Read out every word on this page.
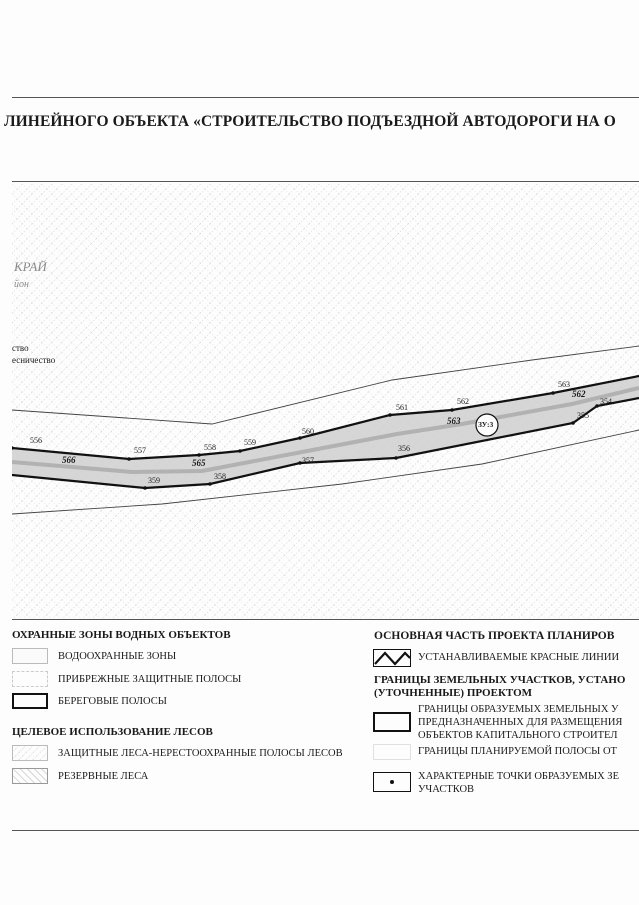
ЛИНЕЙНОГО ОБЪЕКТА «СТРОИТЕЛЬСТВО ПОДЪЕЗДНОЙ АВТОДОРОГИ НА О
КРАЙ
йон
ство
есничество
ЗУ:3
556
557	558
559
560
561
562
563
359	358
357
356
355
354
566	565
563
562
ОХРАННЫЕ ЗОНЫ ВОДНЫХ ОБЪЕКТОВ
ВОДООХРАННЫЕ ЗОНЫ
ПРИБРЕЖНЫЕ ЗАЩИТНЫЕ ПОЛОСЫ
БЕРЕГОВЫЕ ПОЛОСЫ
ЦЕЛЕВОЕ ИСПОЛЬЗОВАНИЕ ЛЕСОВ
ЗАЩИТНЫЕ ЛЕСА-НЕРЕСТООХРАННЫЕ ПОЛОСЫ ЛЕСОВ
РЕЗЕРВНЫЕ ЛЕСА
ОСНОВНАЯ ЧАСТЬ ПРОЕКТА ПЛАНИРОВ
УСТАНАВЛИВАЕМЫЕ КРАСНЫЕ ЛИНИИ
ГРАНИЦЫ ЗЕМЕЛЬНЫХ УЧАСТКОВ, УСТАНО
(УТОЧНЕННЫЕ) ПРОЕКТОМ
ГРАНИЦЫ ОБРАЗУЕМЫХ ЗЕМЕЛЬНЫХ У
ПРЕДНАЗНАЧЕННЫХ ДЛЯ РАЗМЕЩЕНИЯ
ОБЪЕКТОВ КАПИТАЛЬНОГО СТРОИТЕЛ
ГРАНИЦЫ ПЛАНИРУЕМОЙ ПОЛОСЫ ОТ
ХАРАКТЕРНЫЕ ТОЧКИ ОБРАЗУЕМЫХ ЗЕ
УЧАСТКОВ
